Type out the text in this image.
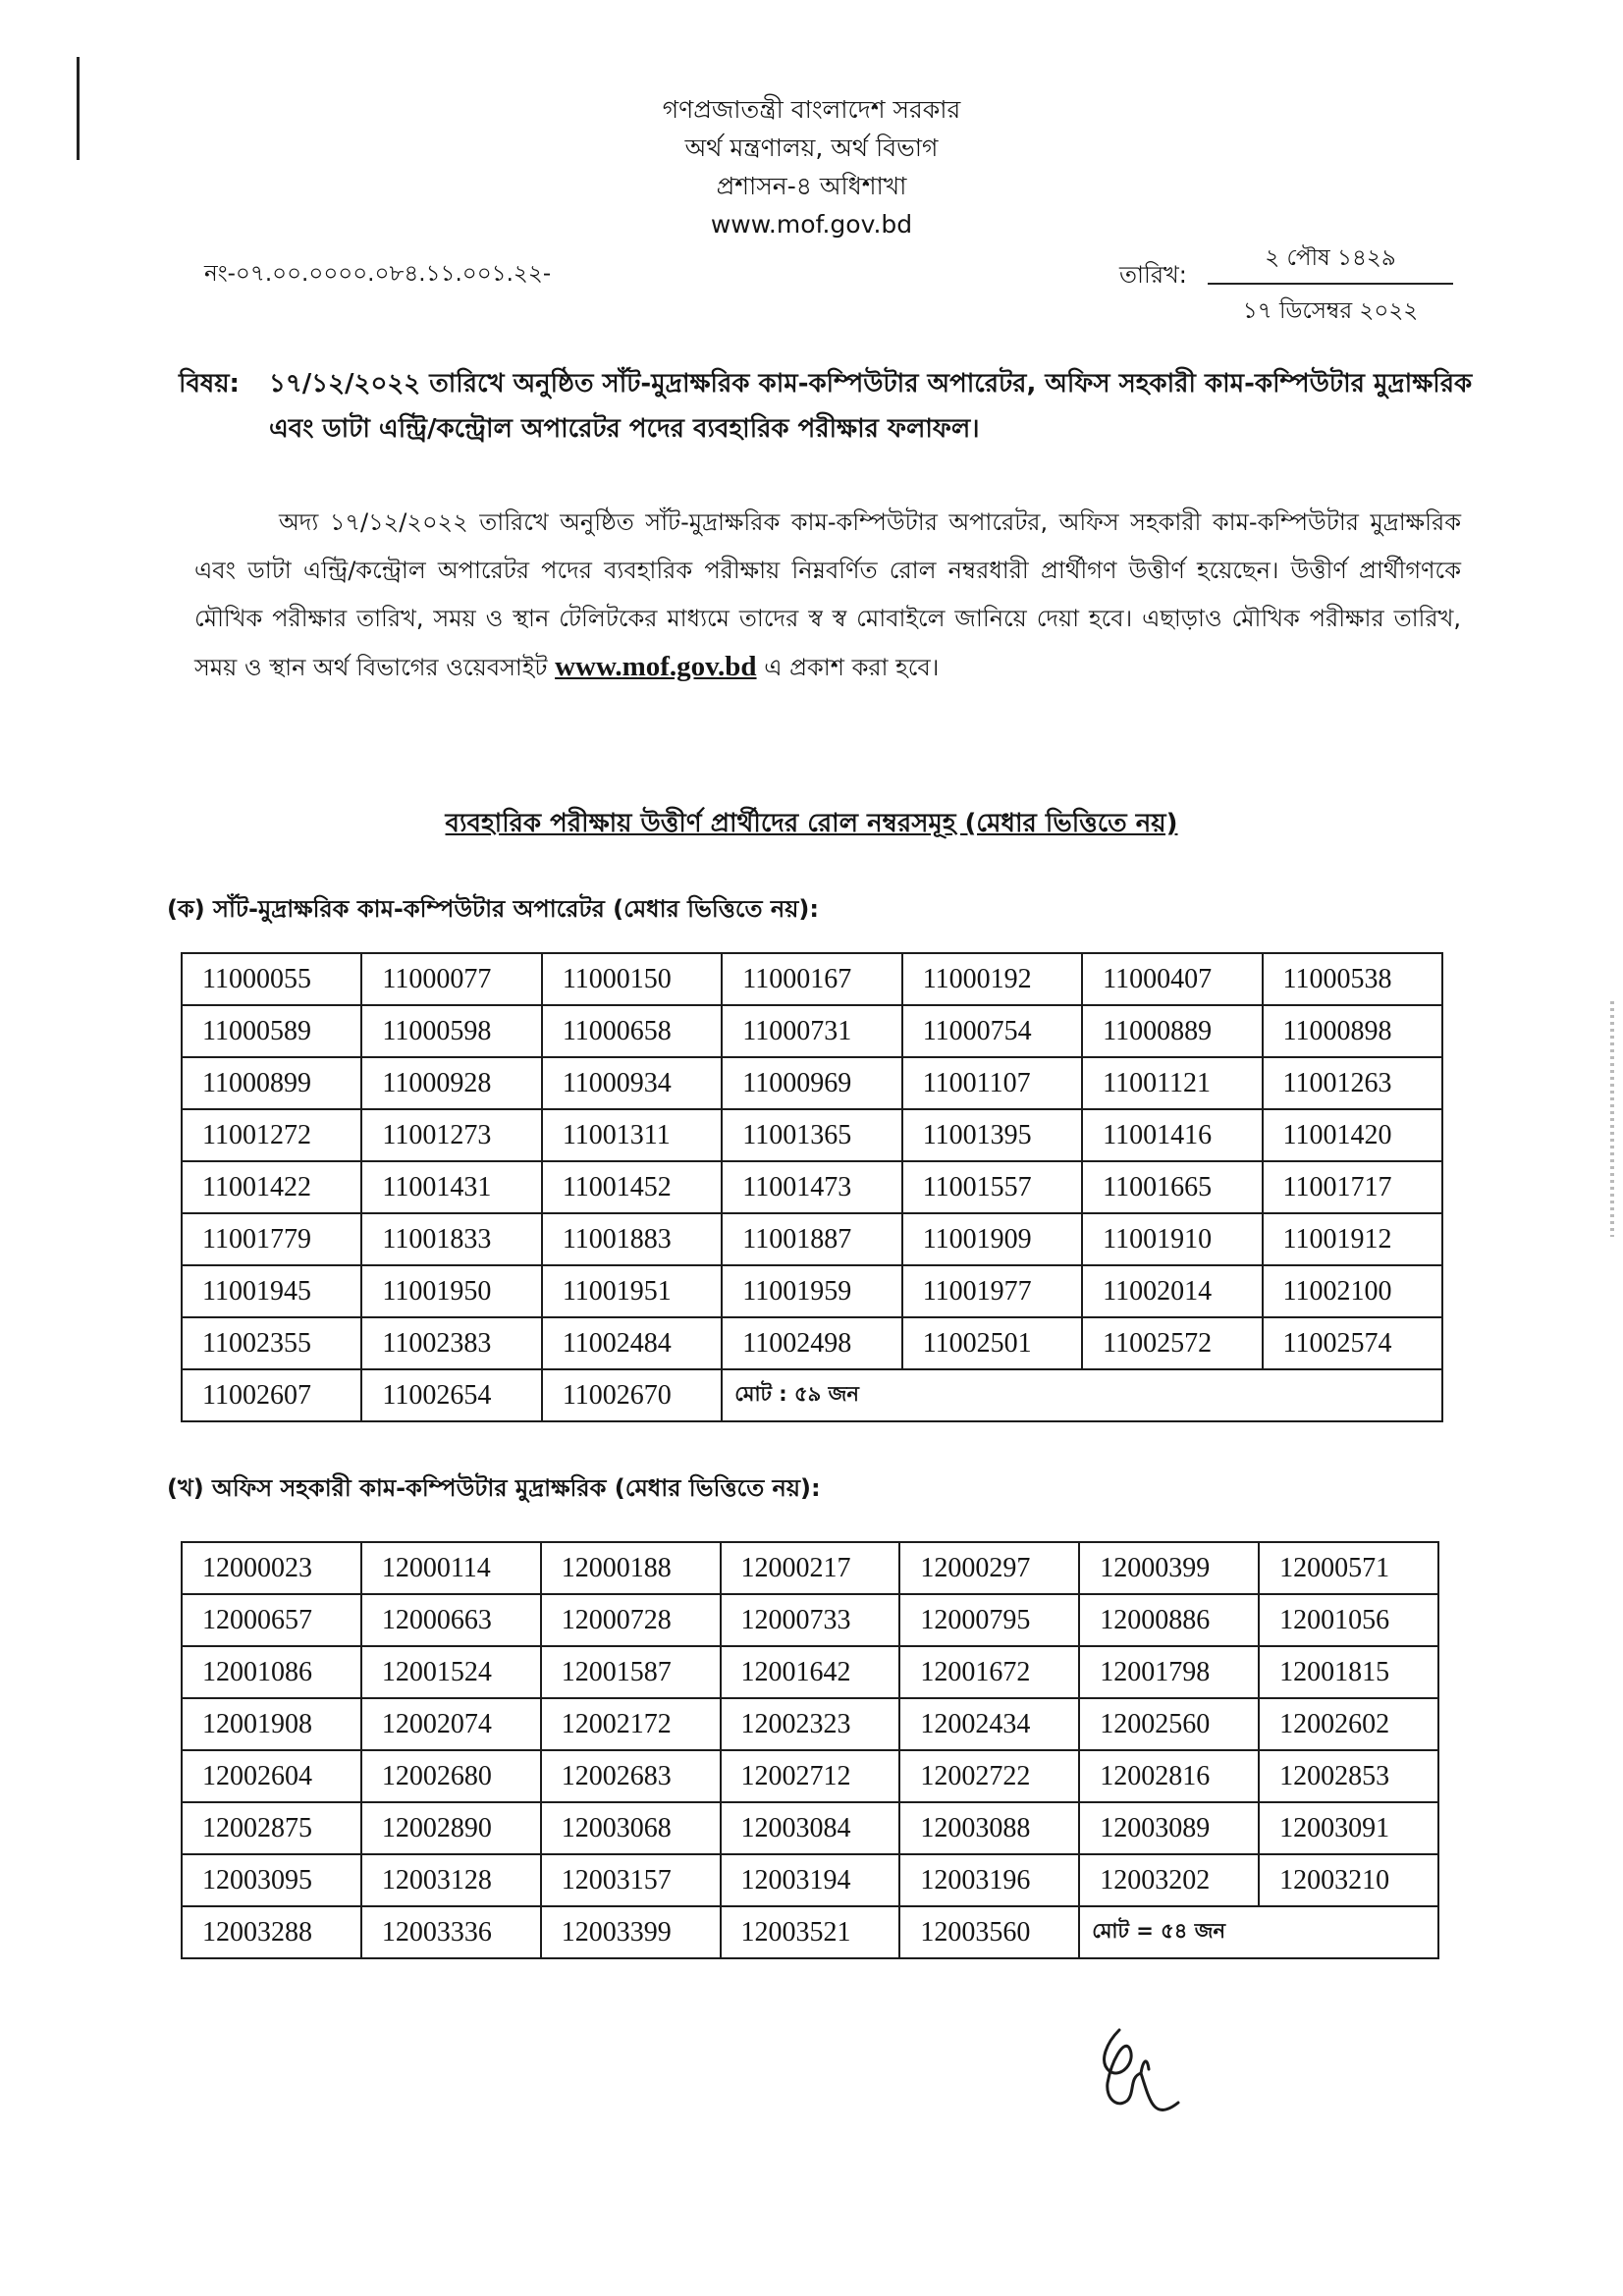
গণপ্রজাতন্ত্রী বাংলাদেশ সরকার
অর্থ মন্ত্রণালয়, অর্থ বিভাগ
প্রশাসন-৪ অধিশাখা
www.mof.gov.bd
নং-০৭.০০.০০০০.০৮৪.১১.০০১.২২-	তারিখ:
২ পৌষ ১৪২৯
১৭ ডিসেম্বর ২০২২
বিষয়: ১৭/১২/২০২২ তারিখে অনুষ্ঠিত সাঁট-মুদ্রাক্ষরিক কাম-কম্পিউটার অপারেটর, অফিস সহকারী কাম-কম্পিউটার মুদ্রাক্ষরিক এবং ডাটা এন্ট্রি/কন্ট্রোল অপারেটর পদের ব্যবহারিক পরীক্ষার ফলাফল।
অদ্য ১৭/১২/২০২২ তারিখে অনুষ্ঠিত সাঁট-মুদ্রাক্ষরিক কাম-কম্পিউটার অপারেটর, অফিস সহকারী কাম-কম্পিউটার মুদ্রাক্ষরিক এবং ডাটা এন্ট্রি/কন্ট্রোল অপারেটর পদের ব্যবহারিক পরীক্ষায় নিম্নবর্ণিত রোল নম্বরধারী প্রার্থীগণ উত্তীর্ণ হয়েছেন। উত্তীর্ণ প্রার্থীগণকে মৌখিক পরীক্ষার তারিখ, সময় ও স্থান টেলিটকের মাধ্যমে তাদের স্ব স্ব মোবাইলে জানিয়ে দেয়া হবে। এছাড়াও মৌখিক পরীক্ষার তারিখ, সময় ও স্থান অর্থ বিভাগের ওয়েবসাইট www.mof.gov.bd এ প্রকাশ করা হবে।
ব্যবহারিক পরীক্ষায় উত্তীর্ণ প্রার্থীদের রোল নম্বরসমূহ (মেধার ভিত্তিতে নয়)
(ক) সাঁট-মুদ্রাক্ষরিক কাম-কম্পিউটার অপারেটর (মেধার ভিত্তিতে নয়):
11000055	11000077	11000150	11000167	11000192	11000407	11000538
11000589	11000598	11000658	11000731	11000754	11000889	11000898
11000899	11000928	11000934	11000969	11001107	11001121	11001263
11001272	11001273	11001311	11001365	11001395	11001416	11001420
11001422	11001431	11001452	11001473	11001557	11001665	11001717
11001779	11001833	11001883	11001887	11001909	11001910	11001912
11001945	11001950	11001951	11001959	11001977	11002014	11002100
11002355	11002383	11002484	11002498	11002501	11002572	11002574
11002607	11002654	11002670	মোট : ৫৯ জন			
(খ) অফিস সহকারী কাম-কম্পিউটার মুদ্রাক্ষরিক (মেধার ভিত্তিতে নয়):
12000023	12000114	12000188	12000217	12000297	12000399	12000571
12000657	12000663	12000728	12000733	12000795	12000886	12001056
12001086	12001524	12001587	12001642	12001672	12001798	12001815
12001908	12002074	12002172	12002323	12002434	12002560	12002602
12002604	12002680	12002683	12002712	12002722	12002816	12002853
12002875	12002890	12003068	12003084	12003088	12003089	12003091
12003095	12003128	12003157	12003194	12003196	12003202	12003210
12003288	12003336	12003399	12003521	12003560	মোট = ৫৪ জন	
